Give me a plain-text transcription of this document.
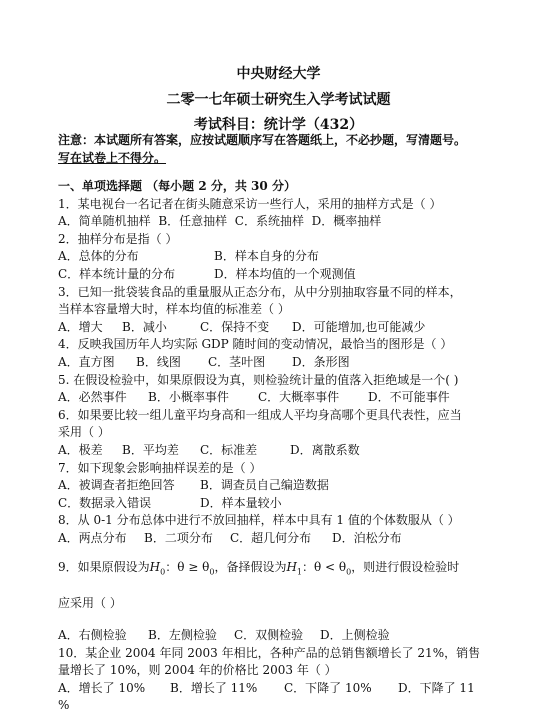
中央财经大学
二零一七年硕士研究生入学考试试题
考试科目：统计学（432）
注意：本试题所有答案，应按试题顺序写在答题纸上，不必抄题，写清题号。
写在试卷上不得分。
一、单项选择题 （每小题 2 分，共 30 分）
1．某电视台一名记者在街头随意采访一些行人，采用的抽样方式是（ ）
A．简单随机抽样 B．任意抽样 C．系统抽样 D．概率抽样
2．抽样分布是指（ ）
A．总体的分布	B．样本自身的分布
C．样本统计量的分布	D．样本均值的一个观测值
3．已知一批袋装食品的重量服从正态分布，从中分别抽取容量不同的样本，
当样本容量增大时，样本均值的标准差（ ）
A．增大 B．减小	C．保持不变 D．可能增加,也可能减少
4．反映我国历年人均实际 GDP 随时间的变动情况，最恰当的图形是（ ）
A．直方图 B．线图 C．茎叶图 D．条形图
5. 在假设检验中，如果原假设为真，则检验统计量的值落入拒绝域是一个( )
A．必然事件 B．小概率事件 C．大概率事件 D．不可能事件
6．如果要比较一组儿童平均身高和一组成人平均身高哪个更具代表性，应当
采用（ ）
A．极差 B．平均差 C．标准差	D．离散系数
7．如下现象会影响抽样误差的是（ ）
A．被调查者拒绝回答 B．调查员自己编造数据
C．数据录入错误	D．样本量较小
8．从 0-1 分布总体中进行不放回抽样，样本中具有 1 值的个体数服从（ ）
A．两点分布 B．二项分布 C．超几何分布 D．泊松分布
9．如果原假设为$H_0$：$\theta \ge \theta_0$，备择假设为$H_1$：$\theta < \theta_0$，则进行假设检验时
应采用（ ）
A．右侧检验 B．左侧检验 C．双侧检验 D．上侧检验
10．某企业 2004 年同 2003 年相比，各种产品的总销售额增长了 21%，销售
量增长了 10%，则 2004 年的价格比 2003 年（ ）
A．增长了 10% B．增长了 11% C．下降了 10% D．下降了 11
%
